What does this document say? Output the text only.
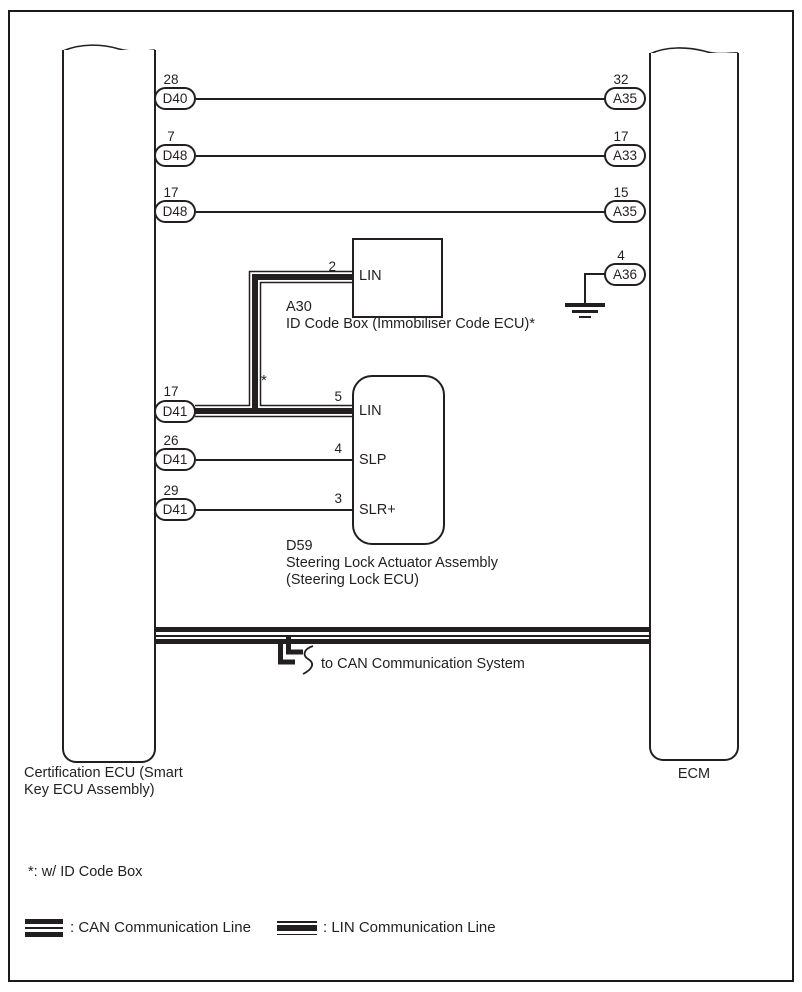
Certification ECU (Smart
Key ECU Assembly)
ECM
*
to CAN Communication System
LIN
2
A30
ID Code Box (Immobiliser Code ECU)*
LIN
SLP
SLR+
5
4
3
D59
Steering Lock Actuator Assembly
(Steering Lock ECU)
28
D40
7
D48
17
D48
17
D41
26
D41
29
D41
32
A35
17
A33
15
A35
4
A36
*: w/ ID Code Box
: CAN Communication Line	: LIN Communication Line
